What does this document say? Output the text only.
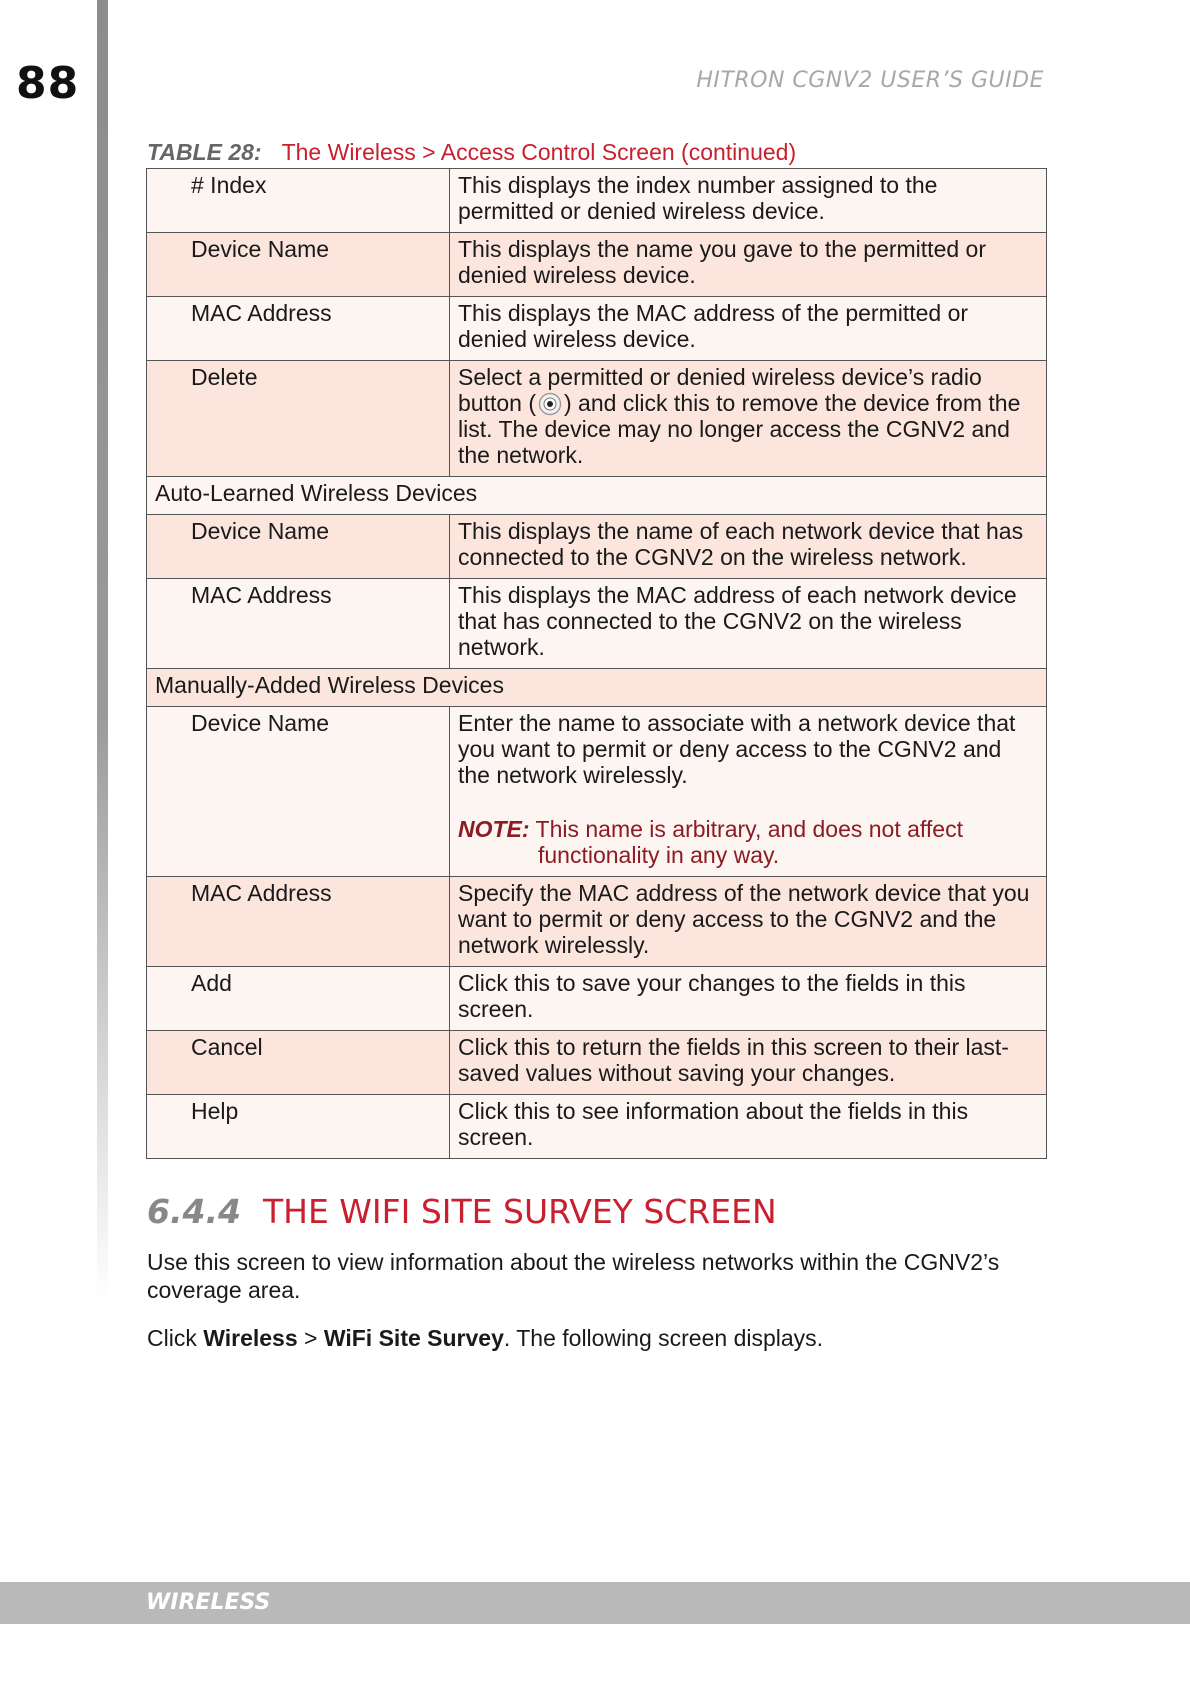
88	HITRON CGNV2 USER’S GUIDE
TABLE 28: The Wireless > Access Control Screen (continued)
# Index	This displays the index number assigned to the permitted or denied wireless device.
Device Name	This displays the name you gave to the permitted or denied wireless device.
MAC Address	This displays the MAC address of the permitted or denied wireless device.
Delete	Select a permitted or denied wireless device’s radio button ( ) and click this to remove the device from the list. The device may no longer access the CGNV2 and the network.
Auto-Learned Wireless Devices	
Device Name	This displays the name of each network device that has connected to the CGNV2 on the wireless network.
MAC Address	This displays the MAC address of each network device that has connected to the CGNV2 on the wireless network.
Manually-Added Wireless Devices	
Device Name	Enter the name to associate with a network device that you want to permit or deny access to the CGNV2 and the network wirelessly.
NOTE: This name is arbitrary, and does not affect
functionality in any way.

MAC Address	Specify the MAC address of the network device that you want to permit or deny access to the CGNV2 and the network wirelessly.
Add	Click this to save your changes to the fields in this screen.
Cancel	Click this to return the fields in this screen to their last-saved values without saving your changes.
Help	Click this to see information about the fields in this screen.
6.4.4 THE WIFI SITE SURVEY SCREEN

Use this screen to view information about the wireless networks within the CGNV2’s coverage area.

Click Wireless > WiFi Site Survey. The following screen displays.

WIRELESS
